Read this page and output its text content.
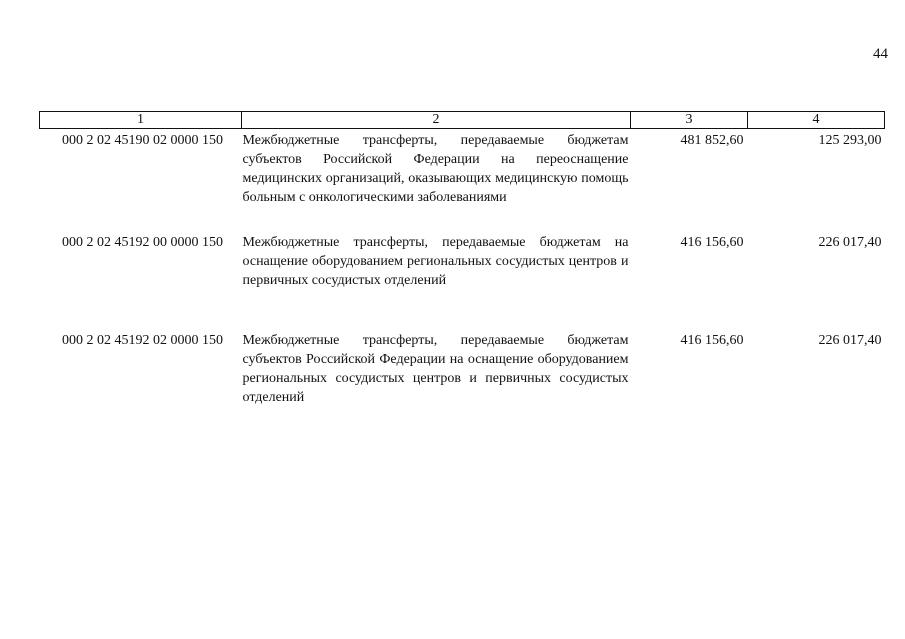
44
1	2	3	4
000 2 02 45190 02 0000 150	Межбюджетные трансферты, передаваемые бюджетам субъектов Российской Федерации на переоснащение медицинских организаций, оказывающих медицинскую помощь больным с онкологическими заболеваниями	481 852,60	125 293,00
000 2 02 45192 00 0000 150	Межбюджетные трансферты, передаваемые бюджетам на оснащение оборудованием региональных сосудистых центров и первичных сосудистых отделений	416 156,60	226 017,40
000 2 02 45192 02 0000 150	Межбюджетные трансферты, передаваемые бюджетам субъектов Российской Федерации на оснащение оборудованием региональных сосудистых центров и первичных сосудистых отделений	416 156,60	226 017,40
